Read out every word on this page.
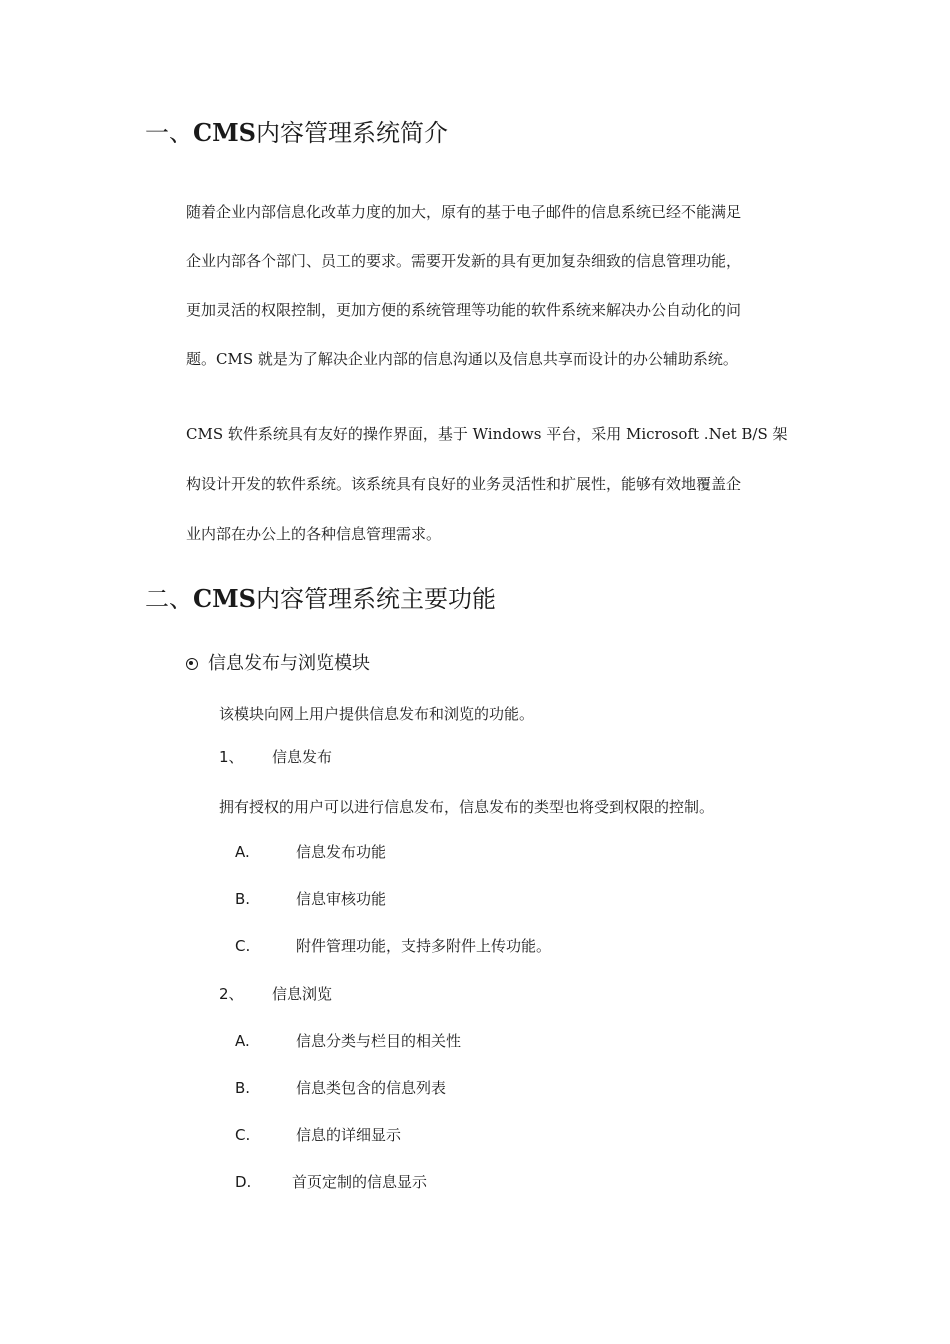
一、CMS内容管理系统简介
随着企业内部信息化改革力度的加大，原有的基于电子邮件的信息系统已经不能满足
企业内部各个部门、员工的要求。需要开发新的具有更加复杂细致的信息管理功能，
更加灵活的权限控制，更加方便的系统管理等功能的软件系统来解决办公自动化的问
题。CMS 就是为了解决企业内部的信息沟通以及信息共享而设计的办公辅助系统。
CMS 软件系统具有友好的操作界面，基于 Windows 平台，采用 Microsoft .Net B/S 架
构设计开发的软件系统。该系统具有良好的业务灵活性和扩展性，能够有效地覆盖企
业内部在办公上的各种信息管理需求。
二、CMS内容管理系统主要功能
信息发布与浏览模块
该模块向网上用户提供信息发布和浏览的功能。
1、 信息发布
拥有授权的用户可以进行信息发布，信息发布的类型也将受到权限的控制。
A.	信息发布功能
B.	信息审核功能
C.	附件管理功能，支持多附件上传功能。
2、 信息浏览
A.	信息分类与栏目的相关性
B.	信息类包含的信息列表
C.	信息的详细显示
D.	首页定制的信息显示
